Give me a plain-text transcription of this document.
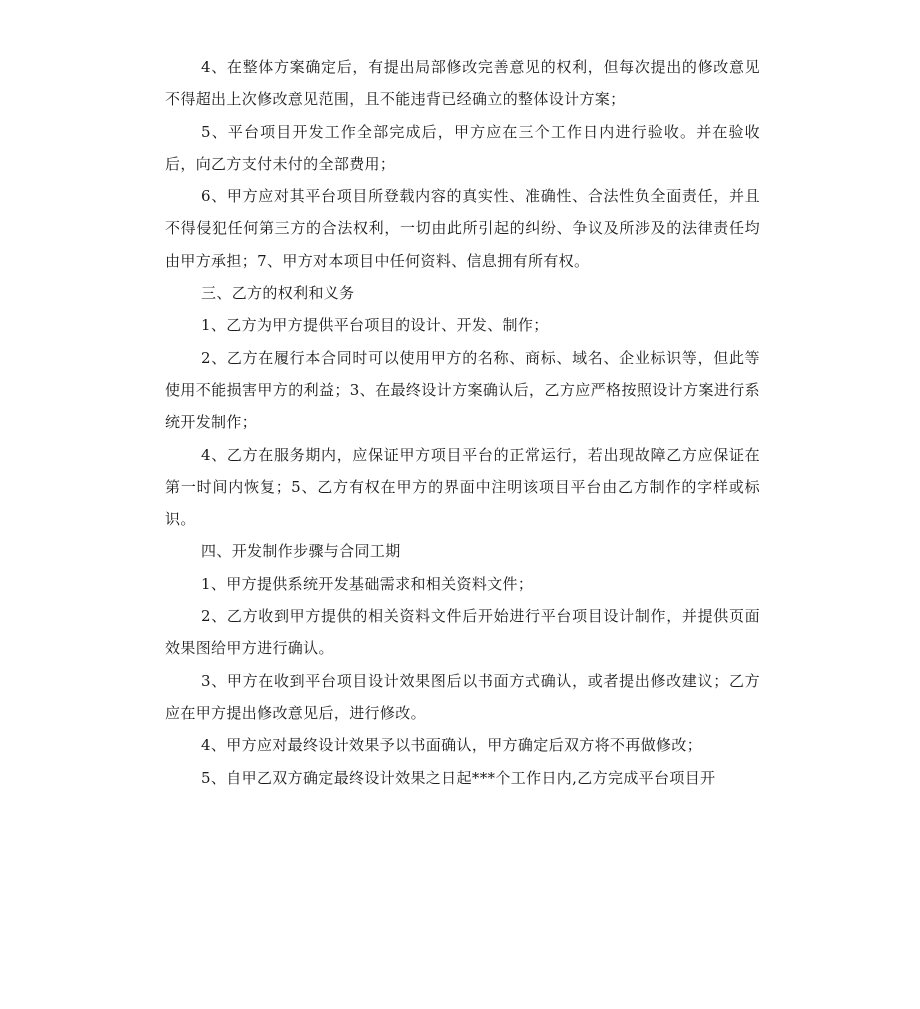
4、在整体方案确定后，有提出局部修改完善意见的权利，但每次提出的修改意见不得超出上次修改意见范围，且不能违背已经确立的整体设计方案；

5、平台项目开发工作全部完成后，甲方应在三个工作日内进行验收。并在验收后，向乙方支付未付的全部费用；

6、甲方应对其平台项目所登载内容的真实性、准确性、合法性负全面责任，并且不得侵犯任何第三方的合法权利，一切由此所引起的纠纷、争议及所涉及的法律责任均由甲方承担；7、甲方对本项目中任何资料、信息拥有所有权。

三、乙方的权利和义务

1、乙方为甲方提供平台项目的设计、开发、制作；

2、乙方在履行本合同时可以使用甲方的名称、商标、域名、企业标识等，但此等使用不能损害甲方的利益；3、在最终设计方案确认后，乙方应严格按照设计方案进行系统开发制作；

4、乙方在服务期内，应保证甲方项目平台的正常运行，若出现故障乙方应保证在第一时间内恢复；5、乙方有权在甲方的界面中注明该项目平台由乙方制作的字样或标识。

四、开发制作步骤与合同工期

1、甲方提供系统开发基础需求和相关资料文件；

2、乙方收到甲方提供的相关资料文件后开始进行平台项目设计制作，并提供页面效果图给甲方进行确认。

3、甲方在收到平台项目设计效果图后以书面方式确认，或者提出修改建议；乙方应在甲方提出修改意见后，进行修改。

4、甲方应对最终设计效果予以书面确认，甲方确定后双方将不再做修改；

5、自甲乙双方确定最终设计效果之日起***个工作日内,乙方完成平台项目开
